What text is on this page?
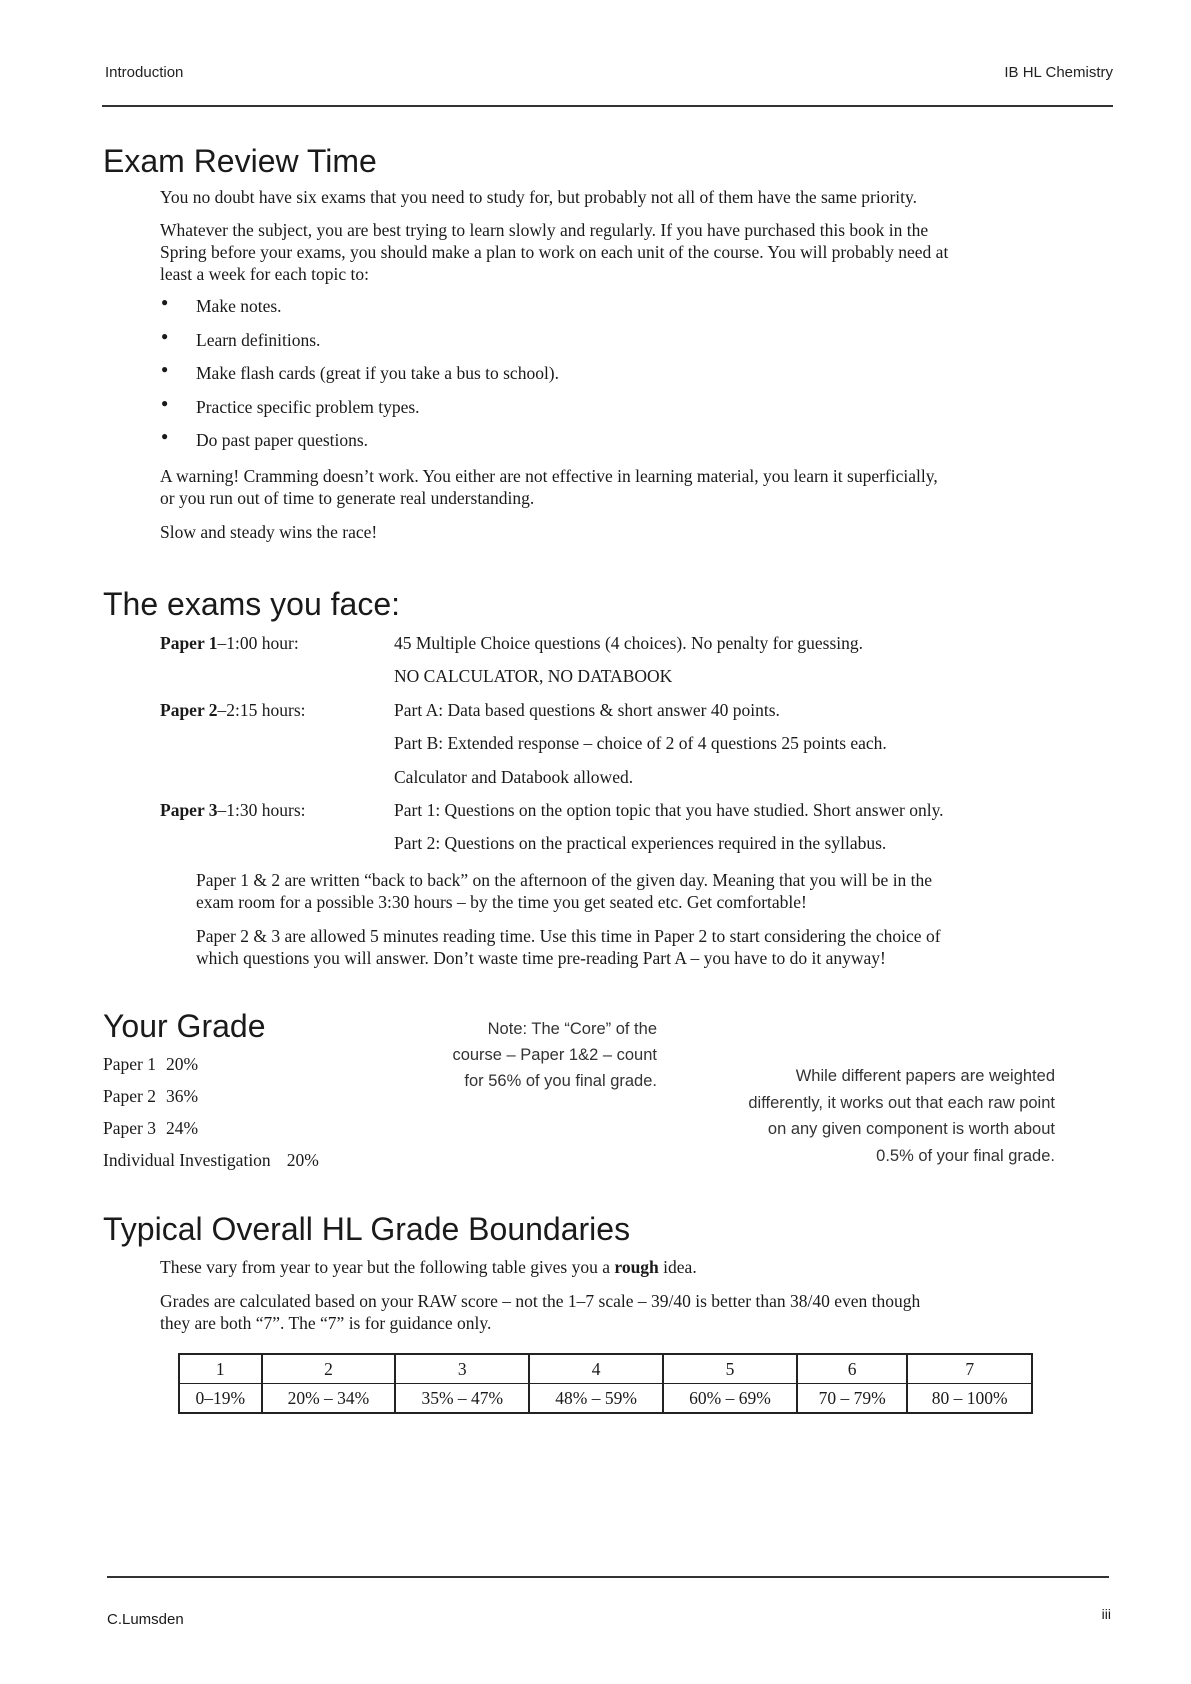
Introduction	IB HL Chemistry
Exam Review Time

You no doubt have six exams that you need to study for, but probably not all of them have the same priority.

Whatever the subject, you are best trying to learn slowly and regularly. If you have purchased this book in the
Spring before your exams, you should make a plan to work on each unit of the course. You will probably need at
least a week for each topic to:
● Make notes.
● Learn definitions.
● Make flash cards (great if you take a bus to school).
● Practice specific problem types.
● Do past paper questions.
A warning! Cramming doesn’t work. You either are not effective in learning material, you learn it superficially,
or you run out of time to generate real understanding.

Slow and steady wins the race!

The exams you face:
Paper 1–1:00 hour:	45 Multiple Choice questions (4 choices). No penalty for guessing.
NO CALCULATOR, NO DATABOOK
Paper 2–2:15 hours:	Part A: Data based questions & short answer 40 points.
Part B: Extended response – choice of 2 of 4 questions 25 points each.
Calculator and Databook allowed.
Paper 3–1:30 hours:	Part 1: Questions on the option topic that you have studied. Short answer only.
Part 2: Questions on the practical experiences required in the syllabus.
Paper 1 & 2 are written “back to back” on the afternoon of the given day. Meaning that you will be in the
exam room for a possible 3:30 hours – by the time you get seated etc. Get comfortable!
Paper 2 & 3 are allowed 5 minutes reading time. Use this time in Paper 2 to start considering the choice of
which questions you will answer. Don’t waste time pre-reading Part A – you have to do it anyway!
Your Grade
Paper 1 20%
Paper 2 36%
Paper 3 24%
Individual Investigation 20%
Note: The “Core” of the
course – Paper 1&2 – count
for 56% of you final grade.	While different papers are weighted
differently, it works out that each raw point
on any given component is worth about
0.5% of your final grade.
Typical Overall HL Grade Boundaries

These vary from year to year but the following table gives you a rough idea.

Grades are calculated based on your RAW score – not the 1–7 scale – 39/40 is better than 38/40 even though
they are both “7”. The “7” is for guidance only.
1	2	3	4	5	6	7
0–19%	20% – 34%	35% – 47%	48% – 59%	60% – 69%	70 – 79%	80 – 100%
C.Lumsden	iii
